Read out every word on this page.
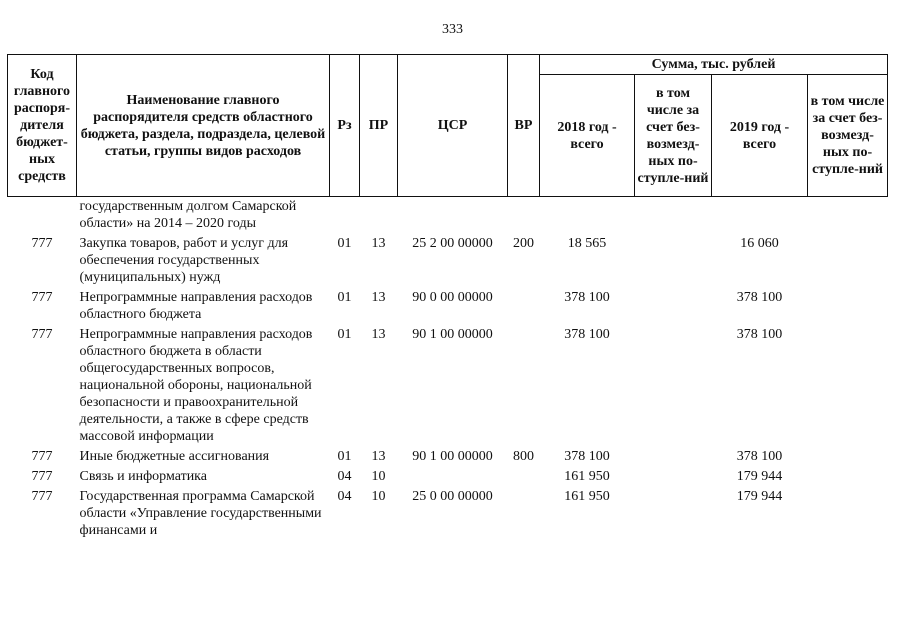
333
Код главного распоря-дителя бюджет-ных средств	Наименование главного распорядителя средств областного бюджета, раздела, подраздела, целевой статьи, группы видов расходов	Рз	ПР	ЦСР	ВР	Сумма, тыс. рублей			
						2018 год - всего	в том числе за счет без-возмезд-ных по-ступле-ний	2019 год - всего	в том числе за счет без-возмезд-ных по-ступле-ний
	государственным долгом Самарской области» на 2014 – 2020 годы								
777	Закупка товаров, работ и услуг для обеспечения государственных (муниципальных) нужд	01	13	25 2 00 00000	200	18 565		16 060	
777	Непрограммные направления расходов областного бюджета	01	13	90 0 00 00000		378 100		378 100	
777	Непрограммные направления расходов областного бюджета в области общегосударственных вопросов, национальной обороны, национальной безопасности и правоохранительной деятельности, а также в сфере средств массовой информации	01	13	90 1 00 00000		378 100		378 100	
777	Иные бюджетные ассигнования	01	13	90 1 00 00000	800	378 100		378 100	
777	Связь и информатика	04	10			161 950		179 944	
777	Государственная программа Самарской области «Управление государственными финансами и	04	10	25 0 00 00000		161 950		179 944	
